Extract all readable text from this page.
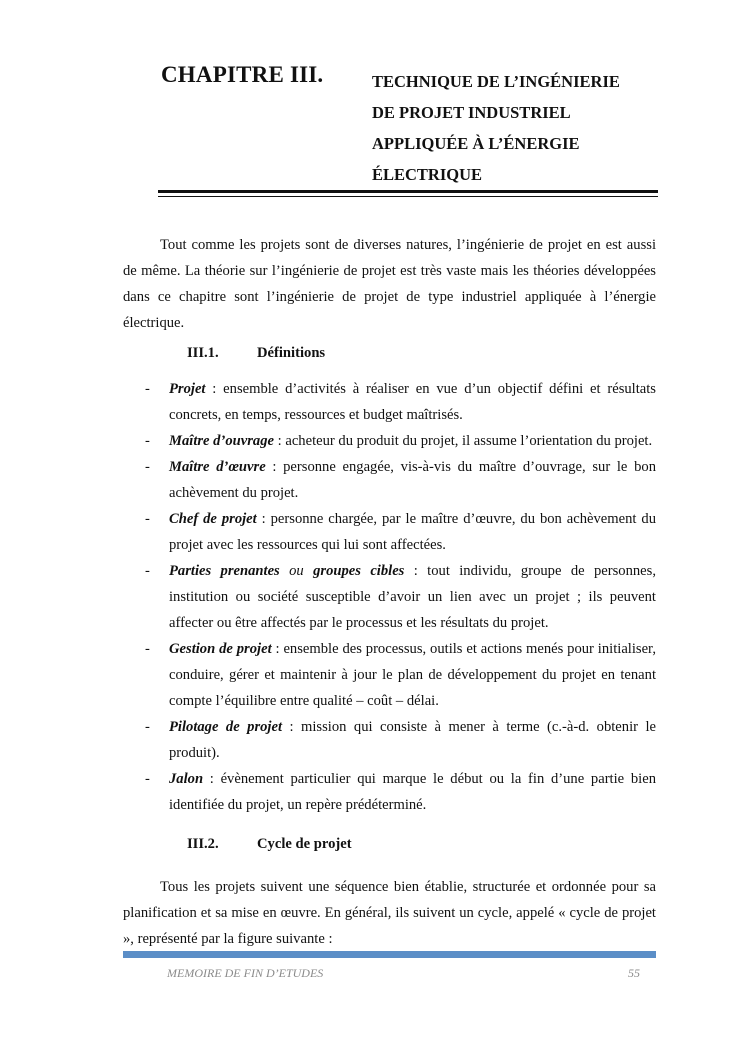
CHAPITRE III.	TECHNIQUE DE L’INGÉNIERIE
DE PROJET INDUSTRIEL
APPLIQUÉE À L’ÉNERGIE
ÉLECTRIQUE
Tout comme les projets sont de diverses natures, l’ingénierie de projet en est aussi de même. La théorie sur l’ingénierie de projet est très vaste mais les théories développées dans ce chapitre sont l’ingénierie de projet de type industriel appliquée à l’énergie électrique.
III.1.	Définitions
- Projet : ensemble d’activités à réaliser en vue d’un objectif défini et résultats concrets, en temps, ressources et budget maîtrisés.
- Maître d’ouvrage : acheteur du produit du projet, il assume l’orientation du projet.
- Maître d’œuvre : personne engagée, vis-à-vis du maître d’ouvrage, sur le bon achèvement du projet.
- Chef de projet : personne chargée, par le maître d’œuvre, du bon achèvement du projet avec les ressources qui lui sont affectées.
- Parties prenantes ou groupes cibles : tout individu, groupe de personnes, institution ou société susceptible d’avoir un lien avec un projet ; ils peuvent affecter ou être affectés par le processus et les résultats du projet.
- Gestion de projet : ensemble des processus, outils et actions menés pour initialiser, conduire, gérer et maintenir à jour le plan de développement du projet en tenant compte l’équilibre entre qualité – coût – délai.
- Pilotage de projet : mission qui consiste à mener à terme (c.-à-d. obtenir le produit).
- Jalon : évènement particulier qui marque le début ou la fin d’une partie bien identifiée du projet, un repère prédéterminé.
III.2.	Cycle de projet
Tous les projets suivent une séquence bien établie, structurée et ordonnée pour sa planification et sa mise en œuvre. En général, ils suivent un cycle, appelé « cycle de projet », représenté par la figure suivante :
MEMOIRE DE FIN D’ETUDES	55
